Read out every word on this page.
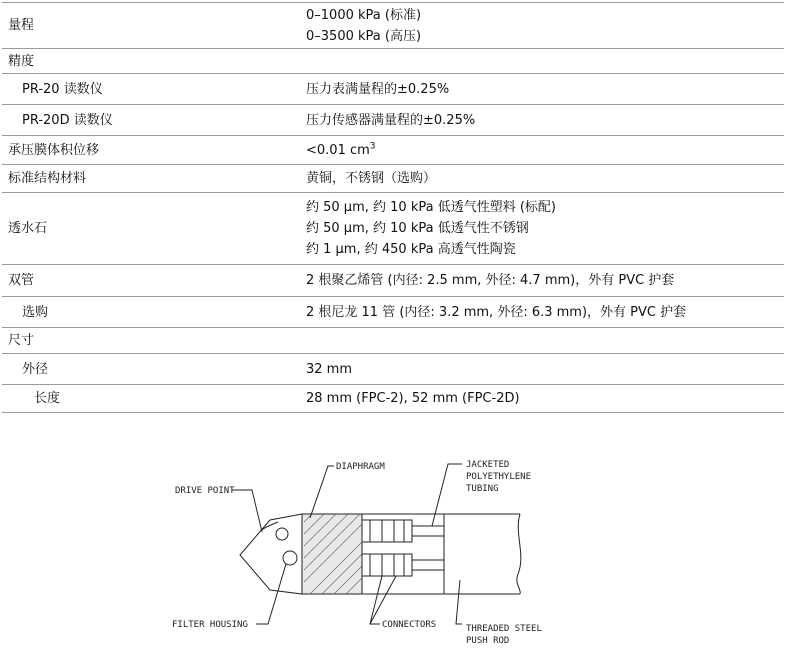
量程	0–1000 kPa (标准)
0–3500 kPa (高压)

精度	
PR-20 读数仪	压力表满量程的±0.25%
PR-20D 读数仪	压力传感器满量程的±0.25%
承压膜体积位移	<0.01 $cm^3$
标准结构材料	黄铜，不锈钢（选购）
透水石	约 50 µm, 约 10 kPa 低透气性塑料 (标配)
约 50 µm, 约 10 kPa 低透气性不锈钢
约 1 µm, 约 450 kPa 高透气性陶瓷

双管	2 根聚乙烯管 (内径: 2.5 mm, 外径: 4.7 mm)，外有 PVC 护套
选购	2 根尼龙 11 管 (内径: 3.2 mm, 外径: 6.3 mm)，外有 PVC 护套
尺寸	
外径	32 mm
长度	28 mm (FPC-2), 52 mm (FPC-2D)
DIAPHRAGM
DRIVE POINT
JACKETED
POLYETHYLENE
TUBING
FILTER HOUSING	CONNECTORS	THREADED STEEL
PUSH ROD
